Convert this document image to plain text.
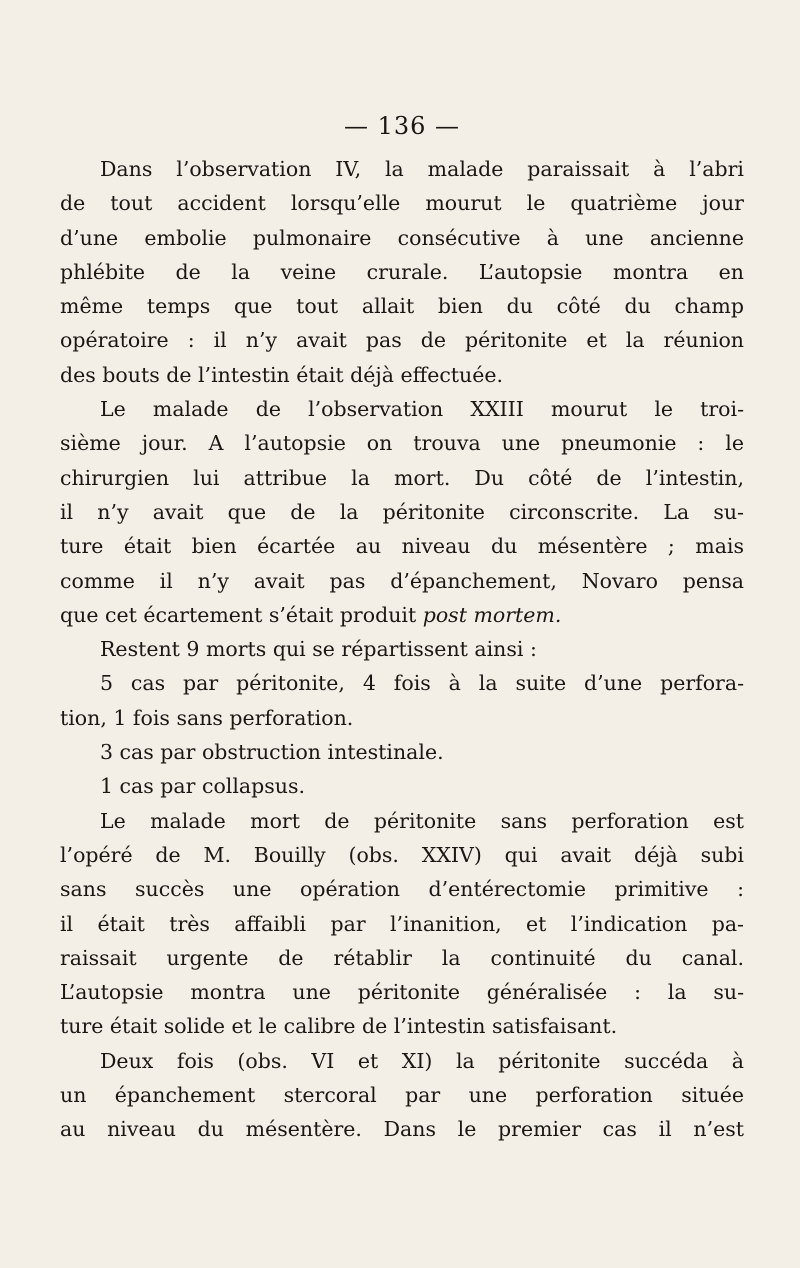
— 136 —
Dans l’observation IV, la malade paraissait à l’abri
de tout accident lorsqu’elle mourut le quatrième jour
d’une embolie pulmonaire consécutive à une ancienne
phlébite de la veine crurale. L’autopsie montra en
même temps que tout allait bien du côté du champ
opératoire : il n’y avait pas de péritonite et la réunion
des bouts de l’intestin était déjà effectuée.
Le malade de l’observation XXIII mourut le troi-
sième jour. A l’autopsie on trouva une pneumonie : le
chirurgien lui attribue la mort. Du côté de l’intestin,
il n’y avait que de la péritonite circonscrite. La su-
ture était bien écartée au niveau du mésentère ; mais
comme il n’y avait pas d’épanchement, Novaro pensa
que cet écartement s’était produit post mortem.
Restent 9 morts qui se répartissent ainsi :
5 cas par péritonite, 4 fois à la suite d’une perfora-
tion, 1 fois sans perforation.
3 cas par obstruction intestinale.
1 cas par collapsus.
Le malade mort de péritonite sans perforation est
l’opéré de M. Bouilly (obs. XXIV) qui avait déjà subi
sans succès une opération d’entérectomie primitive :
il était très affaibli par l’inanition, et l’indication pa-
raissait urgente de rétablir la continuité du canal.
L’autopsie montra une péritonite généralisée : la su-
ture était solide et le calibre de l’intestin satisfaisant.
Deux fois (obs. VI et XI) la péritonite succéda à
un épanchement stercoral par une perforation située
au niveau du mésentère. Dans le premier cas il n’est
